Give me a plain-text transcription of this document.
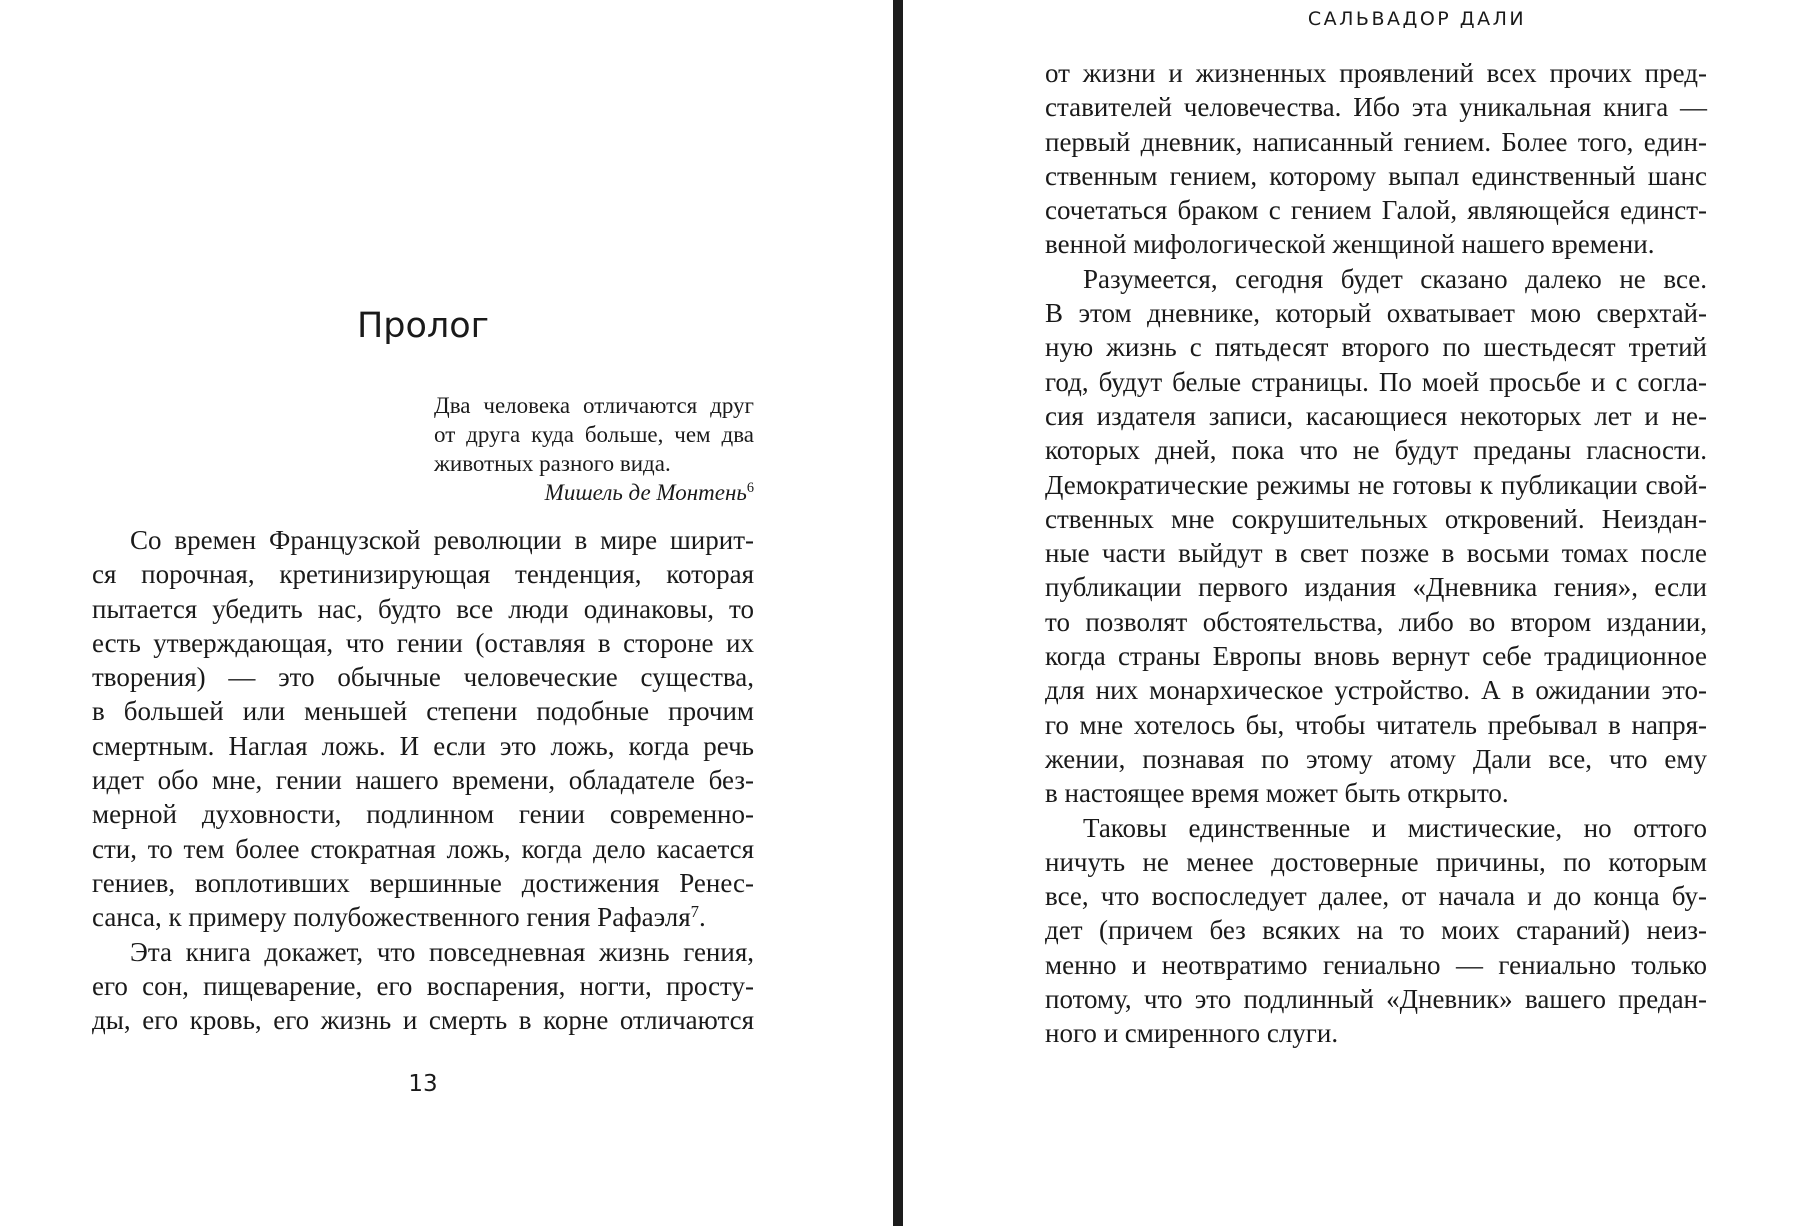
Пролог
Два человека отличаются друг
от друга куда больше, чем два
животных разного вида.
Мишель де Монтень$^6$
Со времен Французской революции в мире ширит-
ся порочная, кретинизирующая тенденция, которая
пытается убедить нас, будто все люди одинаковы, то
есть утверждающая, что гении (оставляя в стороне их
творения) — это обычные человеческие существа,
в большей или меньшей степени подобные прочим
смертным. Наглая ложь. И если это ложь, когда речь
идет обо мне, гении нашего времени, обладателе без-
мерной духовности, подлинном гении современно-
сти, то тем более стократная ложь, когда дело касается
гениев, воплотивших вершинные достижения Ренес-
санса, к примеру полубожественного гения Рафаэля$^7$.
Эта книга докажет, что повседневная жизнь гения,
его сон, пищеварение, его воспарения, ногти, просту-
ды, его кровь, его жизнь и смерть в корне отличаются
13
САЛЬВАДОР ДАЛИ
от жизни и жизненных проявлений всех прочих пред-
ставителей человечества. Ибо эта уникальная книга —
первый дневник, написанный гением. Более того, един-
ственным гением, которому выпал единственный шанс
сочетаться браком с гением Галой, являющейся единст-
венной мифологической женщиной нашего времени.
Разумеется, сегодня будет сказано далеко не все.
В этом дневнике, который охватывает мою сверхтай-
ную жизнь с пятьдесят второго по шестьдесят третий
год, будут белые страницы. По моей просьбе и с согла-
сия издателя записи, касающиеся некоторых лет и не-
которых дней, пока что не будут преданы гласности.
Демократические режимы не готовы к публикации свой-
ственных мне сокрушительных откровений. Неиздан-
ные части выйдут в свет позже в восьми томах после
публикации первого издания «Дневника гения», если
то позволят обстоятельства, либо во втором издании,
когда страны Европы вновь вернут себе традиционное
для них монархическое устройство. А в ожидании это-
го мне хотелось бы, чтобы читатель пребывал в напря-
жении, познавая по этому атому Дали все, что ему
в настоящее время может быть открыто.
Таковы единственные и мистические, но оттого
ничуть не менее достоверные причины, по которым
все, что воспоследует далее, от начала и до конца бу-
дет (причем без всяких на то моих стараний) неиз-
менно и неотвратимо гениально — гениально только
потому, что это подлинный «Дневник» вашего предан-
ного и смиренного слуги.
